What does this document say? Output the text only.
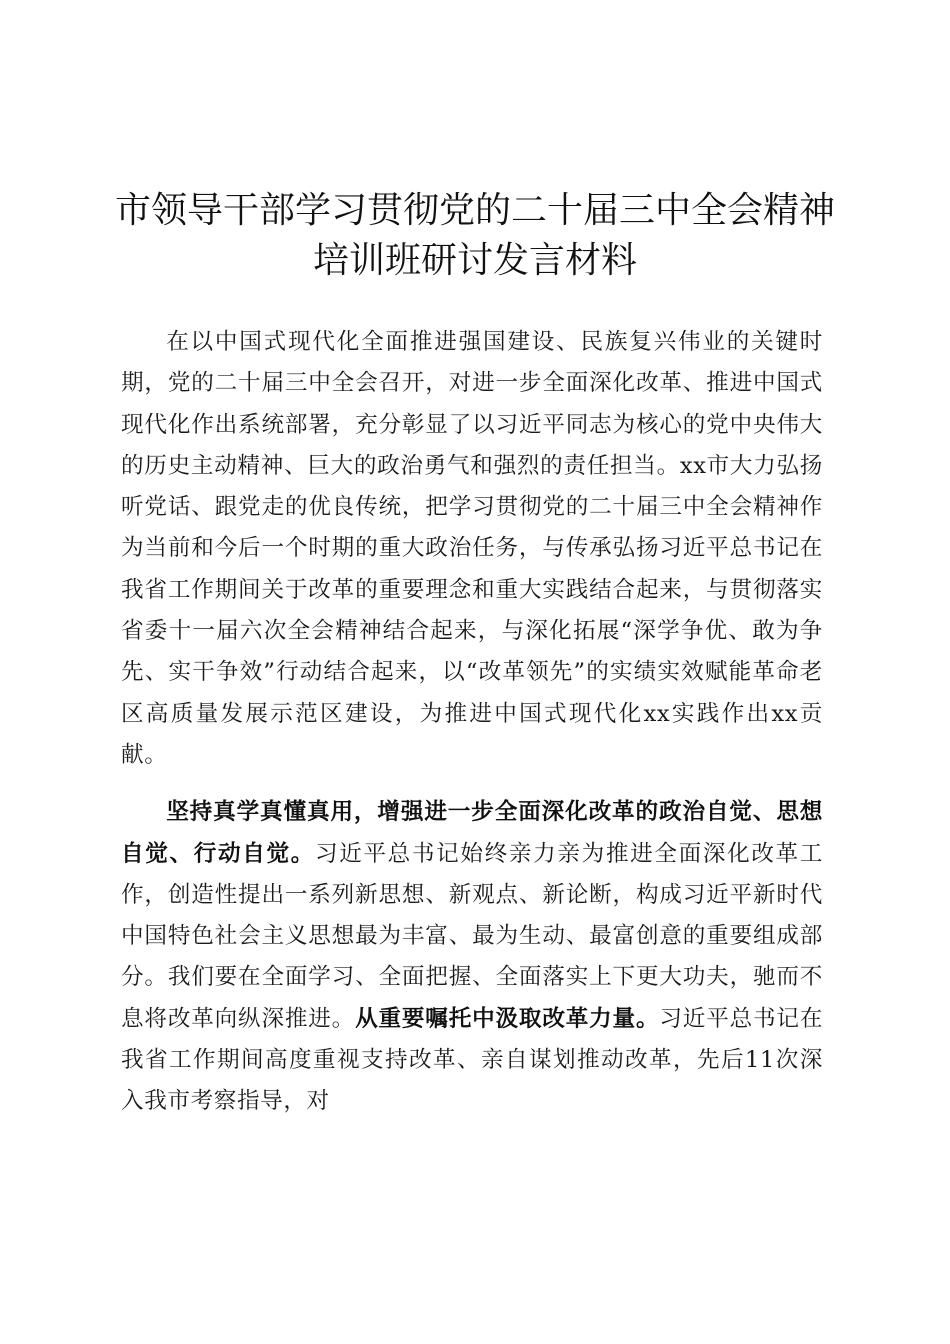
市领导干部学习贯彻党的二十届三中全会精神
培训班研讨发言材料

在以中国式现代化全面推进强国建设、民族复兴伟业的关键时期，党的二十届三中全会召开，对进一步全面深化改革、推进中国式现代化作出系统部署，充分彰显了以习近平同志为核心的党中央伟大的历史主动精神、巨大的政治勇气和强烈的责任担当。xx市大力弘扬听党话、跟党走的优良传统，把学习贯彻党的二十届三中全会精神作为当前和今后一个时期的重大政治任务，与传承弘扬习近平总书记在我省工作期间关于改革的重要理念和重大实践结合起来，与贯彻落实省委十一届六次全会精神结合起来，与深化拓展“深学争优、敢为争先、实干争效”行动结合起来，以“改革领先”的实绩实效赋能革命老区高质量发展示范区建设，为推进中国式现代化xx实践作出xx贡献。

坚持真学真懂真用，增强进一步全面深化改革的政治自觉、思想自觉、行动自觉。习近平总书记始终亲力亲为推进全面深化改革工作，创造性提出一系列新思想、新观点、新论断，构成习近平新时代中国特色社会主义思想最为丰富、最为生动、最富创意的重要组成部分。我们要在全面学习、全面把握、全面落实上下更大功夫，驰而不息将改革向纵深推进。从重要嘱托中汲取改革力量。习近平总书记在我省工作期间高度重视支持改革、亲自谋划推动改革，先后11次深入我市考察指导，对
